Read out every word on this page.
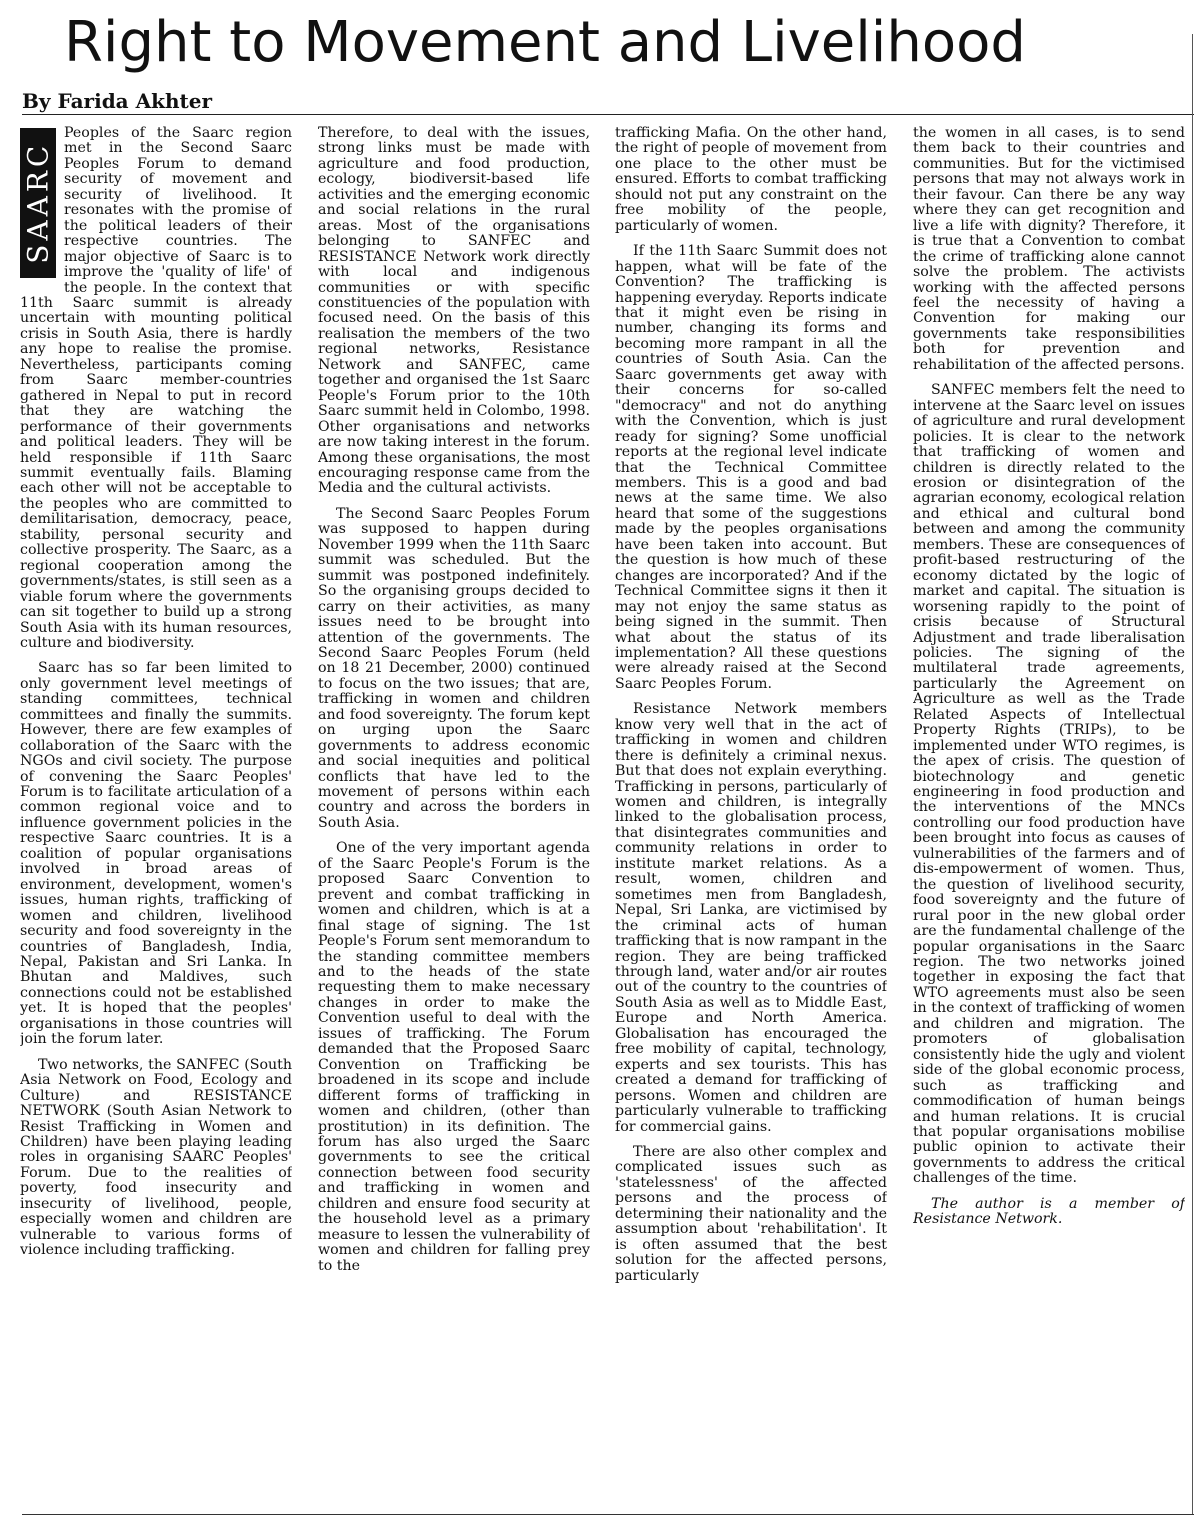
Right to Movement and Livelihood
By Farida Akhter
SAARC

Peoples of the Saarc region met in the Second Saarc Peoples Forum to demand security of movement and security of livelihood. It resonates with the promise of the political leaders of their respective countries. The major objective of Saarc is to improve the 'quality of life' of the people. In the context that 11th Saarc summit is already uncertain with mounting political crisis in South Asia, there is hardly any hope to realise the promise. Nevertheless, participants coming from Saarc member-countries gathered in Nepal to put in record that they are watching the performance of their governments and political leaders. They will be held responsible if 11th Saarc summit eventually fails. Blaming each other will not be acceptable to the peoples who are committed to demilitarisation, democracy, peace, stability, personal security and collective prosperity. The Saarc, as a regional cooperation among the governments/states, is still seen as a viable forum where the governments can sit together to build up a strong South Asia with its human resources, culture and biodiversity.

Saarc has so far been limited to only government level meetings of standing committees, technical committees and finally the summits. However, there are few examples of collaboration of the Saarc with the NGOs and civil society. The purpose of convening the Saarc Peoples' Forum is to facilitate articulation of a common regional voice and to influence government policies in the respective Saarc countries. It is a coalition of popular organisations involved in broad areas of environment, development, women's issues, human rights, trafficking of women and children, livelihood security and food sovereignty in the countries of Bangladesh, India, Nepal, Pakistan and Sri Lanka. In Bhutan and Maldives, such connections could not be established yet. It is hoped that the peoples' organisations in those countries will join the forum later.

Two networks, the SANFEC (South Asia Network on Food, Ecology and Culture) and RESISTANCE NETWORK (South Asian Network to Resist Trafficking in Women and Children) have been playing leading roles in organising SAARC Peoples' Forum. Due to the realities of poverty, food insecurity and insecurity of livelihood, people, especially women and children are vulnerable to various forms of violence including trafficking.

Therefore, to deal with the issues, strong links must be made with agriculture and food production, ecology, biodiversit-based life activities and the emerging economic and social relations in the rural areas. Most of the organisations belonging to SANFEC and RESISTANCE Network work directly with local and indigenous communities or with specific constituencies of the population with focused need. On the basis of this realisation the members of the two regional networks, Resistance Network and SANFEC, came together and organised the 1st Saarc People's Forum prior to the 10th Saarc summit held in Colombo, 1998. Other organisations and networks are now taking interest in the forum. Among these organisations, the most encouraging response came from the Media and the cultural activists.

The Second Saarc Peoples Forum was supposed to happen during November 1999 when the 11th Saarc summit was scheduled. But the summit was postponed indefinitely. So the organising groups decided to carry on their activities, as many issues need to be brought into attention of the governments. The Second Saarc Peoples Forum (held on 18 21 December, 2000) continued to focus on the two issues; that are, trafficking in women and children and food sovereignty. The forum kept on urging upon the Saarc governments to address economic and social inequities and political conflicts that have led to the movement of persons within each country and across the borders in South Asia.

One of the very important agenda of the Saarc People's Forum is the proposed Saarc Convention to prevent and combat trafficking in women and children, which is at a final stage of signing. The 1st People's Forum sent memorandum to the standing committee members and to the heads of the state requesting them to make necessary changes in order to make the Convention useful to deal with the issues of trafficking. The Forum demanded that the Proposed Saarc Convention on Trafficking be broadened in its scope and include different forms of trafficking in women and children, (other than prostitution) in its definition. The forum has also urged the Saarc governments to see the critical connection between food security and trafficking in women and children and ensure food security at the household level as a primary measure to lessen the vulnerability of women and children for falling prey to the

trafficking Mafia. On the other hand, the right of people of movement from one place to the other must be ensured. Efforts to combat trafficking should not put any constraint on the free mobility of the people, particularly of women.

If the 11th Saarc Summit does not happen, what will be fate of the Convention? The trafficking is happening everyday. Reports indicate that it might even be rising in number, changing its forms and becoming more rampant in all the countries of South Asia. Can the Saarc governments get away with their concerns for so-called "democracy" and not do anything with the Convention, which is just ready for signing? Some unofficial reports at the regional level indicate that the Technical Committee members. This is a good and bad news at the same time. We also heard that some of the suggestions made by the peoples organisations have been taken into account. But the question is how much of these changes are incorporated? And if the Technical Committee signs it then it may not enjoy the same status as being signed in the summit. Then what about the status of its implementation? All these questions were already raised at the Second Saarc Peoples Forum.

Resistance Network members know very well that in the act of trafficking in women and children there is definitely a criminal nexus. But that does not explain everything. Trafficking in persons, particularly of women and children, is integrally linked to the globalisation process, that disintegrates communities and community relations in order to institute market relations. As a result, women, children and sometimes men from Bangladesh, Nepal, Sri Lanka, are victimised by the criminal acts of human trafficking that is now rampant in the region. They are being trafficked through land, water and/or air routes out of the country to the countries of South Asia as well as to Middle East, Europe and North America. Globalisation has encouraged the free mobility of capital, technology, experts and sex tourists. This has created a demand for trafficking of persons. Women and children are particularly vulnerable to trafficking for commercial gains.

There are also other complex and complicated issues such as 'statelessness' of the affected persons and the process of determining their nationality and the assumption about 'rehabilitation'. It is often assumed that the best solution for the affected persons, particularly

the women in all cases, is to send them back to their countries and communities. But for the victimised persons that may not always work in their favour. Can there be any way where they can get recognition and live a life with dignity? Therefore, it is true that a Convention to combat the crime of trafficking alone cannot solve the problem. The activists working with the affected persons feel the necessity of having a Convention for making our governments take responsibilities both for prevention and rehabilitation of the affected persons.

SANFEC members felt the need to intervene at the Saarc level on issues of agriculture and rural development policies. It is clear to the network that trafficking of women and children is directly related to the erosion or disintegration of the agrarian economy, ecological relation and ethical and cultural bond between and among the community members. These are consequences of profit-based restructuring of the economy dictated by the logic of market and capital. The situation is worsening rapidly to the point of crisis because of Structural Adjustment and trade liberalisation policies. The signing of the multilateral trade agreements, particularly the Agreement on Agriculture as well as the Trade Related Aspects of Intellectual Property Rights (TRIPs), to be implemented under WTO regimes, is the apex of crisis. The question of biotechnology and genetic engineering in food production and the interventions of the MNCs controlling our food production have been brought into focus as causes of vulnerabilities of the farmers and of dis-empowerment of women. Thus, the question of livelihood security, food sovereignty and the future of rural poor in the new global order are the fundamental challenge of the popular organisations in the Saarc region. The two networks joined together in exposing the fact that WTO agreements must also be seen in the context of trafficking of women and children and migration. The promoters of globalisation consistently hide the ugly and violent side of the global economic process, such as trafficking and commodification of human beings and human relations. It is crucial that popular organisations mobilise public opinion to activate their governments to address the critical challenges of the time.

The author is a member of Resistance Network.
